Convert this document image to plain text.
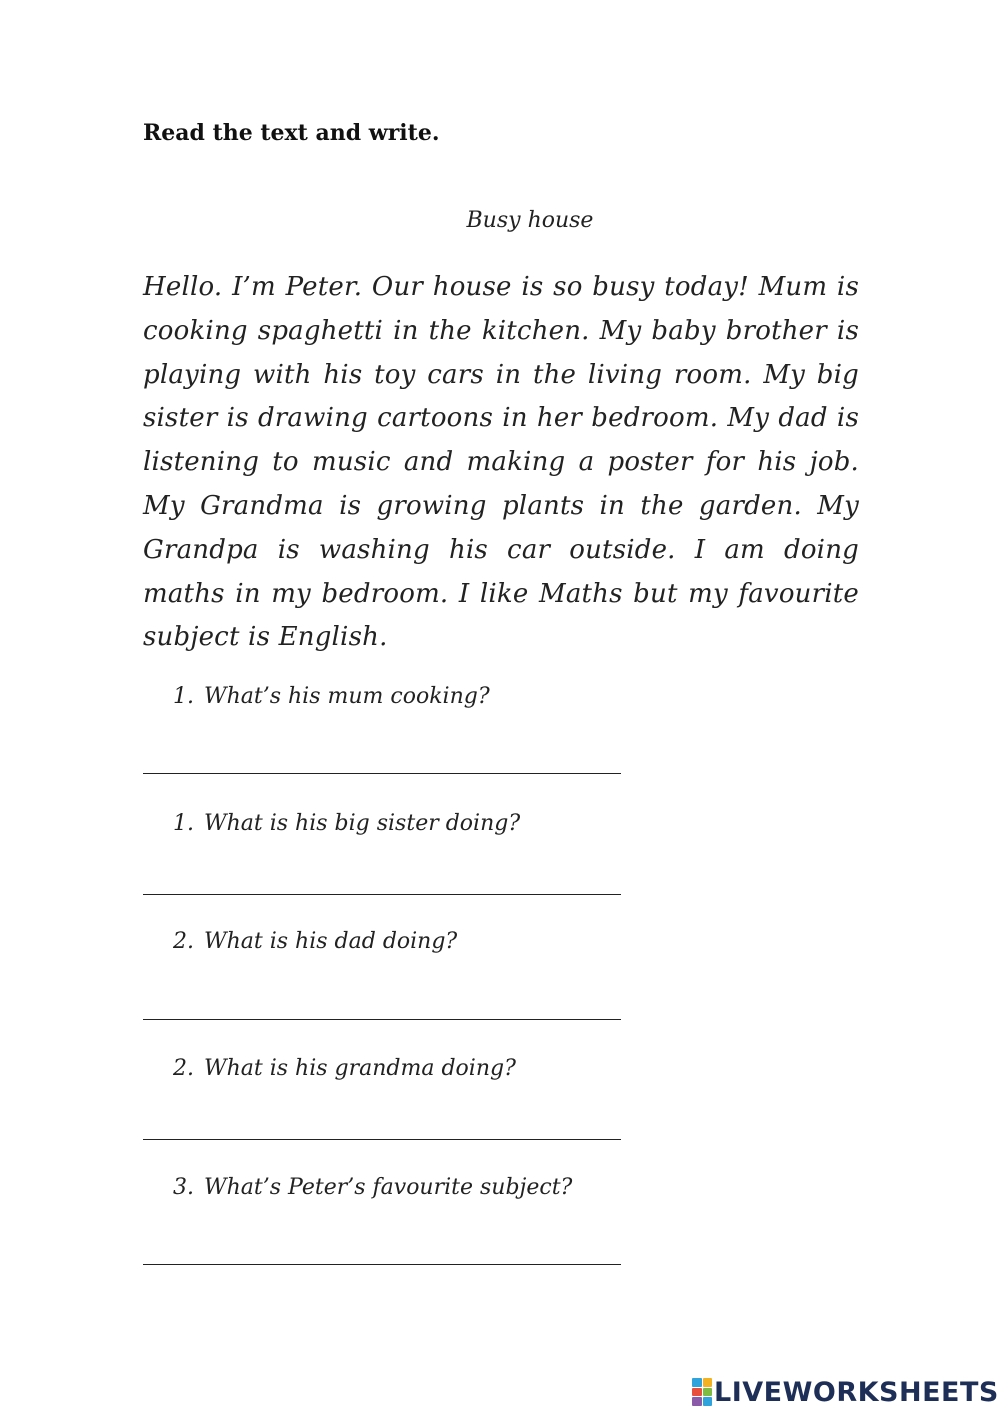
Read the text and write.
Busy house
Hello. I’m Peter. Our house is so busy today! Mum is cooking spaghetti in the kitchen. My baby brother is playing with his toy cars in the living room. My big sister is drawing cartoons in her bedroom. My dad is listening to music and making a poster for his job. My Grandma is growing plants in the garden. My Grandpa is washing his car outside. I am doing maths in my bedroom. I like Maths but my favourite subject is English.
1. What’s his mum cooking?
1. What is his big sister doing?
2. What is his dad doing?
2. What is his grandma doing?
3. What’s Peter’s favourite subject?
LIVEWORKSHEETS
